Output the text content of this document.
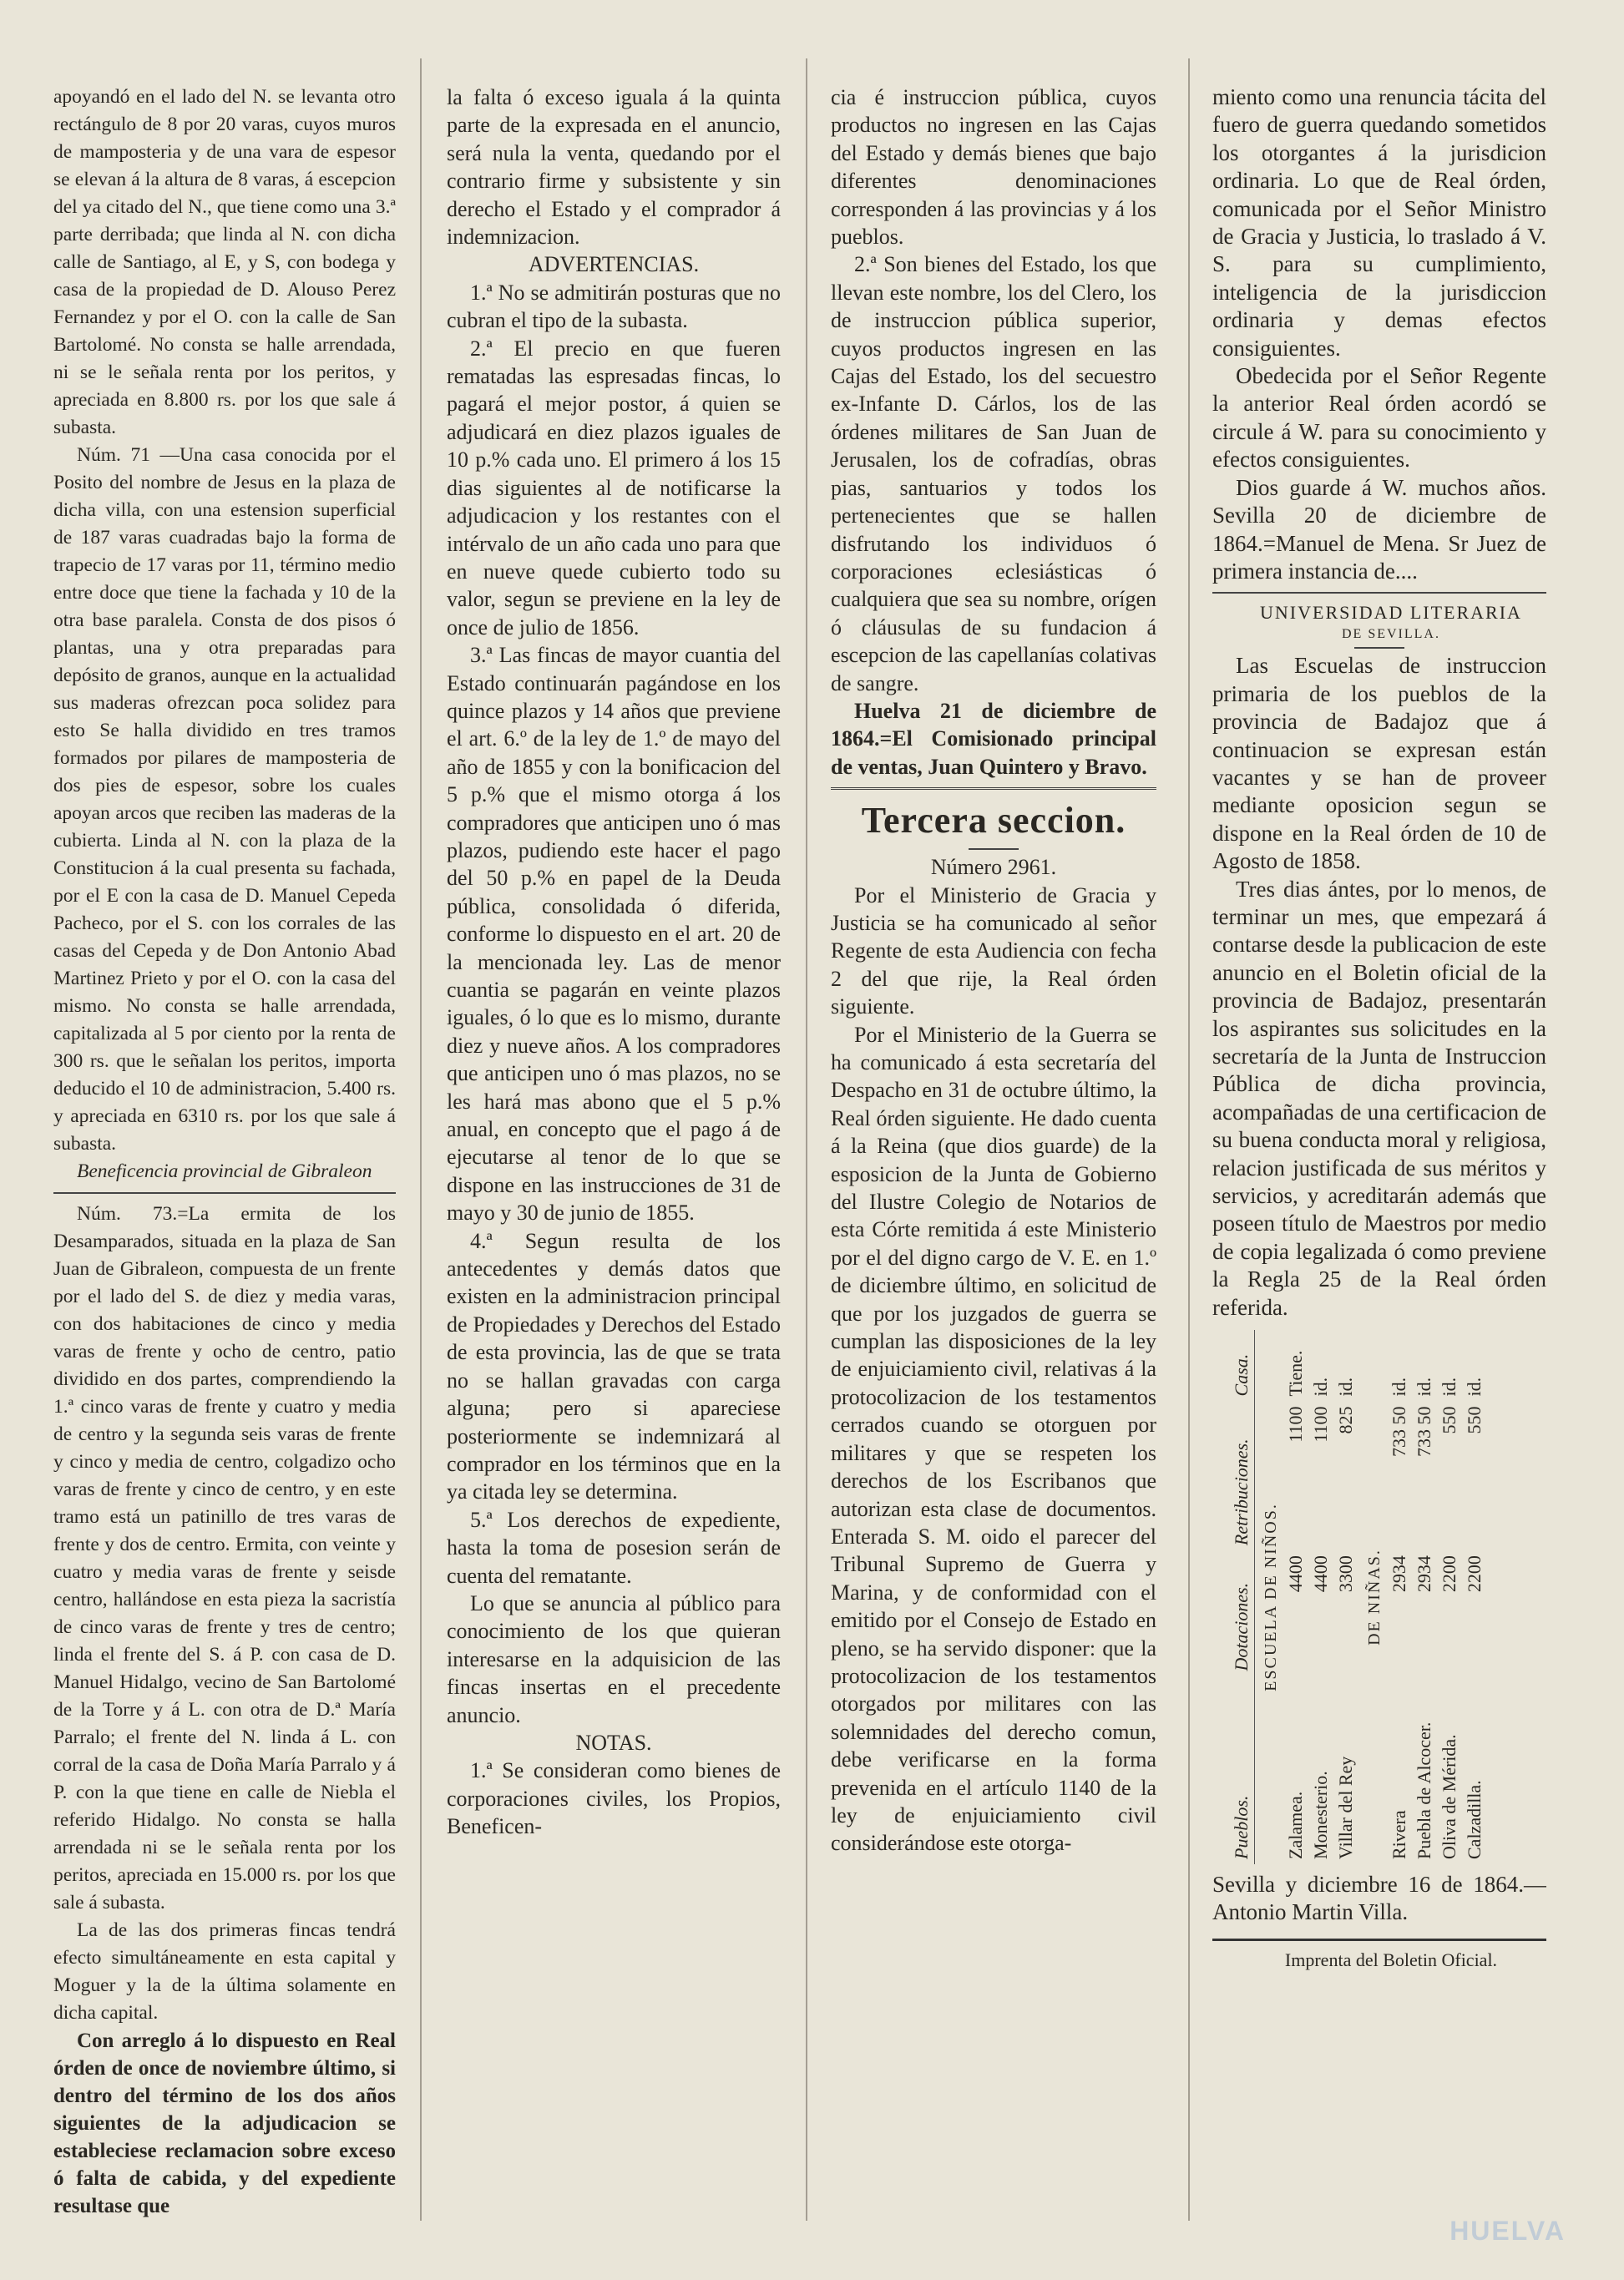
apoyandó en el lado del N. se levanta otro rectángulo de 8 por 20 varas, cuyos muros de mamposteria y de una vara de espesor se elevan á la altura de 8 varas, á escepcion del ya citado del N., que tiene como una 3.ª parte derribada; que linda al N. con dicha calle de Santiago, al E, y S, con bodega y casa de la propiedad de D. Alouso Perez Fernandez y por el O. con la calle de San Bartolomé. No consta se halle arrendada, ni se le señala renta por los peritos, y apreciada en 8.800 rs. por los que sale á subasta.

Núm. 71 —Una casa conocida por el Posito del nombre de Jesus en la plaza de dicha villa, con una estension superficial de 187 varas cuadradas bajo la forma de trapecio de 17 varas por 11, término medio entre doce que tiene la fachada y 10 de la otra base paralela. Consta de dos pisos ó plantas, una y otra preparadas para depósito de granos, aunque en la actualidad sus maderas ofrezcan poca solidez para esto Se halla dividido en tres tramos formados por pilares de mamposteria de dos pies de espesor, sobre los cuales apoyan arcos que reciben las maderas de la cubierta. Linda al N. con la plaza de la Constitucion á la cual presenta su fachada, por el E con la casa de D. Manuel Cepeda Pacheco, por el S. con los corrales de las casas del Cepeda y de Don Antonio Abad Martinez Prieto y por el O. con la casa del mismo. No consta se halle arrendada, capitalizada al 5 por ciento por la renta de 300 rs. que le señalan los peritos, importa deducido el 10 de administracion, 5.400 rs. y apreciada en 6310 rs. por los que sale á subasta.

Beneficencia provincial de Gibraleon

Núm. 73.=La ermita de los Desamparados, situada en la plaza de San Juan de Gibraleon, compuesta de un frente por el lado del S. de diez y media varas, con dos habitaciones de cinco y media varas de frente y ocho de centro, patio dividido en dos partes, comprendiendo la 1.ª cinco varas de frente y cuatro y media de centro y la segunda seis varas de frente y cinco y media de centro, colgadizo ocho varas de frente y cinco de centro, y en este tramo está un patinillo de tres varas de frente y dos de centro. Ermita, con veinte y cuatro y media varas de frente y seisde centro, hallándose en esta pieza la sacristía de cinco varas de frente y tres de centro; linda el frente del S. á P. con casa de D. Manuel Hidalgo, vecino de San Bartolomé de la Torre y á L. con otra de D.ª María Parralo; el frente del N. linda á L. con corral de la casa de Doña María Parralo y á P. con la que tiene en calle de Niebla el referido Hidalgo. No consta se halla arrendada ni se le señala renta por los peritos, apreciada en 15.000 rs. por los que sale á subasta.

La de las dos primeras fincas tendrá efecto simultáneamente en esta capital y Moguer y la de la última solamente en dicha capital.

Con arreglo á lo dispuesto en Real órden de once de noviembre último, si dentro del término de los dos años siguientes de la adjudicacion se estableciese reclamacion sobre exceso ó falta de cabida, y del expediente resultase que

la falta ó exceso iguala á la quinta parte de la expresada en el anuncio, será nula la venta, quedando por el contrario firme y subsistente y sin derecho el Estado y el comprador á indemnizacion.

ADVERTENCIAS.

1.ª No se admitirán posturas que no cubran el tipo de la subasta.

2.ª El precio en que fueren rematadas las espresadas fincas, lo pagará el mejor postor, á quien se adjudicará en diez plazos iguales de 10 p.% cada uno. El primero á los 15 dias siguientes al de notificarse la adjudicacion y los restantes con el intérvalo de un año cada uno para que en nueve quede cubierto todo su valor, segun se previene en la ley de once de julio de 1856.

3.ª Las fincas de mayor cuantia del Estado continuarán pagándose en los quince plazos y 14 años que previene el art. 6.º de la ley de 1.º de mayo del año de 1855 y con la bonificacion del 5 p.% que el mismo otorga á los compradores que anticipen uno ó mas plazos, pudiendo este hacer el pago del 50 p.% en papel de la Deuda pública, consolidada ó diferida, conforme lo dispuesto en el art. 20 de la mencionada ley. Las de menor cuantia se pagarán en veinte plazos iguales, ó lo que es lo mismo, durante diez y nueve años. A los compradores que anticipen uno ó mas plazos, no se les hará mas abono que el 5 p.% anual, en concepto que el pago á de ejecutarse al tenor de lo que se dispone en las instrucciones de 31 de mayo y 30 de junio de 1855.

4.ª Segun resulta de los antecedentes y demás datos que existen en la administracion principal de Propiedades y Derechos del Estado de esta provincia, las de que se trata no se hallan gravadas con carga alguna; pero si apareciese posteriormente se indemnizará al comprador en los términos que en la ya citada ley se determina.

5.ª Los derechos de expediente, hasta la toma de posesion serán de cuenta del rematante.

Lo que se anuncia al público para conocimiento de los que quieran interesarse en la adquisicion de las fincas insertas en el precedente anuncio.

NOTAS.

1.ª Se consideran como bienes de corporaciones civiles, los Propios, Beneficen-

cia é instruccion pública, cuyos productos no ingresen en las Cajas del Estado y demás bienes que bajo diferentes denominaciones corresponden á las provincias y á los pueblos.

2.ª Son bienes del Estado, los que llevan este nombre, los del Clero, los de instruccion pública superior, cuyos productos ingresen en las Cajas del Estado, los del secuestro ex-Infante D. Cárlos, los de las órdenes militares de San Juan de Jerusalen, los de cofradías, obras pias, santuarios y todos los pertenecientes que se hallen disfrutando los individuos ó corporaciones eclesiásticas ó cualquiera que sea su nombre, orígen ó cláusulas de su fundacion á escepcion de las capellanías colativas de sangre.

Huelva 21 de diciembre de 1864.=El Comisionado principal de ventas, Juan Quintero y Bravo.

Tercera seccion.

Número 2961.

Por el Ministerio de Gracia y Justicia se ha comunicado al señor Regente de esta Audiencia con fecha 2 del que rije, la Real órden siguiente.

Por el Ministerio de la Guerra se ha comunicado á esta secretaría del Despacho en 31 de octubre último, la Real órden siguiente. He dado cuenta á la Reina (que dios guarde) de la esposicion de la Junta de Gobierno del Ilustre Colegio de Notarios de esta Córte remitida á este Ministerio por el del digno cargo de V. E. en 1.º de diciembre último, en solicitud de que por los juzgados de guerra se cumplan las disposiciones de la ley de enjuiciamiento civil, relativas á la protocolizacion de los testamentos cerrados cuando se otorguen por militares y que se respeten los derechos de los Escribanos que autorizan esta clase de documentos. Enterada S. M. oido el parecer del Tribunal Supremo de Guerra y Marina, y de conformidad con el emitido por el Consejo de Estado en pleno, se ha servido disponer: que la protocolizacion de los testamentos otorgados por militares con las solemnidades del derecho comun, debe verificarse en la forma prevenida en el artículo 1140 de la ley de enjuiciamiento civil considerándose este otorga-

miento como una renuncia tácita del fuero de guerra quedando sometidos los otorgantes á la jurisdicion ordinaria. Lo que de Real órden, comunicada por el Señor Ministro de Gracia y Justicia, lo traslado á V. S. para su cumplimiento, inteligencia de la jurisdiccion ordinaria y demas efectos consiguientes.

Obedecida por el Señor Regente la anterior Real órden acordó se circule á W. para su conocimiento y efectos consiguientes.

Dios guarde á W. muchos años. Sevilla 20 de diciembre de 1864.=Manuel de Mena. Sr Juez de primera instancia de....

UNIVERSIDAD LITERARIA

DE SEVILLA.

Las Escuelas de instruccion primaria de los pueblos de la provincia de Badajoz que á continuacion se expresan están vacantes y se han de proveer mediante oposicion segun se dispone en la Real órden de 10 de Agosto de 1858.

Tres dias ántes, por lo menos, de terminar un mes, que empezará á contarse desde la publicacion de este anuncio en el Boletin oficial de la provincia de Badajoz, presentarán los aspirantes sus solicitudes en la secretaría de la Junta de Instruccion Pública de dicha provincia, acompañadas de una certificacion de su buena conducta moral y religiosa, relacion justificada de sus méritos y servicios, y acreditarán además que poseen título de Maestros por medio de copia legalizada ó como previene la Regla 25 de la Real órden referida.

Pueblos.	Dotaciones.	Retribuciones.	Casa.
ESCUELA DE NIÑOS.			
Zalamea.	4400	1100	Tiene.
Monesterio.	4400	1100	id.
Villar del Rey	3300	825	id.
DE NIÑAS.			
Rivera	2934	733 50	id.
Puebla de Alcocer.	2934	733 50	id.
Oliva de Mérida.	2200	550	id.
Calzadilla.	2200	550	id.

Sevilla y diciembre 16 de 1864.—Antonio Martin Villa.

Imprenta del Boletin Oficial.

HUELVA
